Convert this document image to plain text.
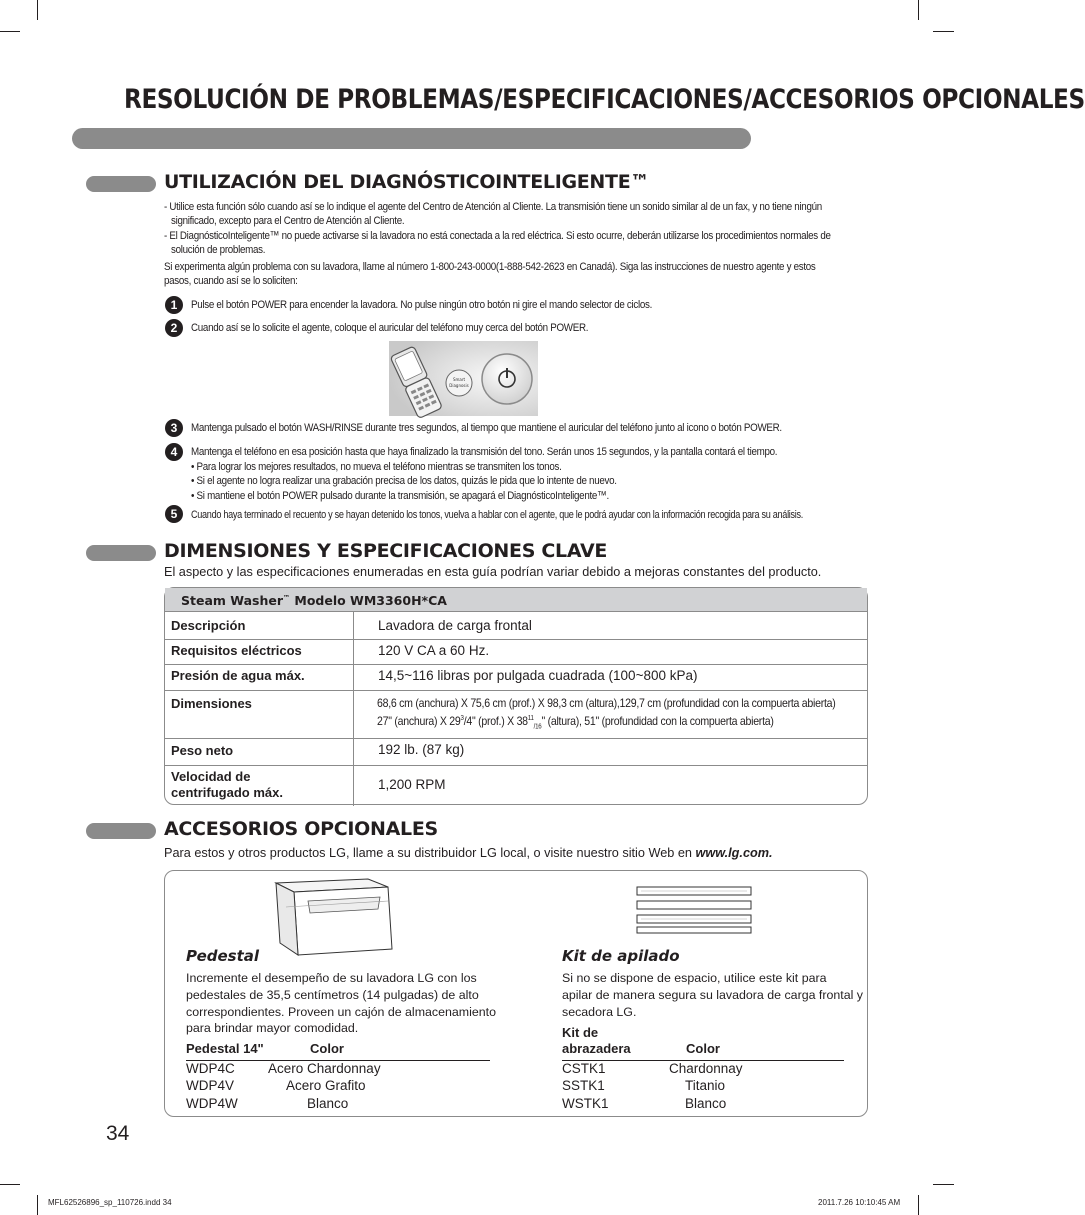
RESOLUCIÓN DE PROBLEMAS/ESPECIFICACIONES/ACCESORIOS OPCIONALES
UTILIZACIÓN DEL DIAGNÓSTICOINTELIGENTE™
- Utilice esta función sólo cuando así se lo indique el agente del Centro de Atención al Cliente. La transmisión tiene un sonido similar al de un fax, y no tiene ningún
significado, excepto para el Centro de Atención al Cliente.
- El DiagnósticoInteligente™ no puede activarse si la lavadora no está conectada a la red eléctrica. Si esto ocurre, deberán utilizarse los procedimientos normales de
solución de problemas.
Si experimenta algún problema con su lavadora, llame al número 1-800-243-0000(1-888-542-2623 en Canadá). Siga las instrucciones de nuestro agente y estos
pasos, cuando así se lo soliciten:
1	Pulse el botón POWER para encender la lavadora. No pulse ningún otro botón ni gire el mando selector de ciclos.
2	Cuando así se lo solicite el agente, coloque el auricular del teléfono muy cerca del botón POWER.
Smart
Diagnosis
3	Mantenga pulsado el botón WASH/RINSE durante tres segundos, al tiempo que mantiene el auricular del teléfono junto al icono o botón POWER.
4	Mantenga el teléfono en esa posición hasta que haya finalizado la transmisión del tono. Serán unos 15 segundos, y la pantalla contará el tiempo.
• Para lograr los mejores resultados, no mueva el teléfono mientras se transmiten los tonos.
• Si el agente no logra realizar una grabación precisa de los datos, quizás le pida que lo intente de nuevo.
• Si mantiene el botón POWER pulsado durante la transmisión, se apagará el DiagnósticoInteligente™.
5	Cuando haya terminado el recuento y se hayan detenido los tonos, vuelva a hablar con el agente, que le podrá ayudar con la información recogida para su análisis.
DIMENSIONES Y ESPECIFICACIONES CLAVE
El aspecto y las especificaciones enumeradas en esta guía podrían variar debido a mejoras constantes del producto.
Steam Washer™ Modelo WM3360H*CA
Descripción	Lavadora de carga frontal
Requisitos eléctricos	120 V CA a 60 Hz.
Presión de agua máx.	14,5~116 libras por pulgada cuadrada (100~800 kPa)
Dimensiones	68,6 cm (anchura) X 75,6 cm (prof.) X 98,3 cm (altura),129,7 cm (profundidad con la compuerta abierta)
27" (anchura) X $29^3/4$" (prof.) X $38^{11}_{/16}$" (altura), 51" (profundidad con la compuerta abierta)
Peso neto	192 lb. (87 kg)
Velocidad de
centrifugado máx.
1,200 RPM
ACCESORIOS OPCIONALES
Para estos y otros productos LG, llame a su distribuidor LG local, o visite nuestro sitio Web en www.lg.com.
Pedestal
Incremente el desempeño de su lavadora LG con los
pedestales de 35,5 centímetros (14 pulgadas) de alto
correspondientes. Proveen un cajón de almacenamiento
para brindar mayor comodidad.
Pedestal 14"	Color
WDP4C Acero Chardonnay
WDP4V	Acero Grafito
WDP4W	Blanco
Kit de apilado
Si no se dispone de espacio, utilice este kit para
apilar de manera segura su lavadora de carga frontal y
secadora LG.
Kit de
abrazadera	Color
CSTK1	Chardonnay
SSTK1	Titanio
WSTK1	Blanco
34
MFL62526896_sp_110726.indd 34	2011.7.26 10:10:45 AM
